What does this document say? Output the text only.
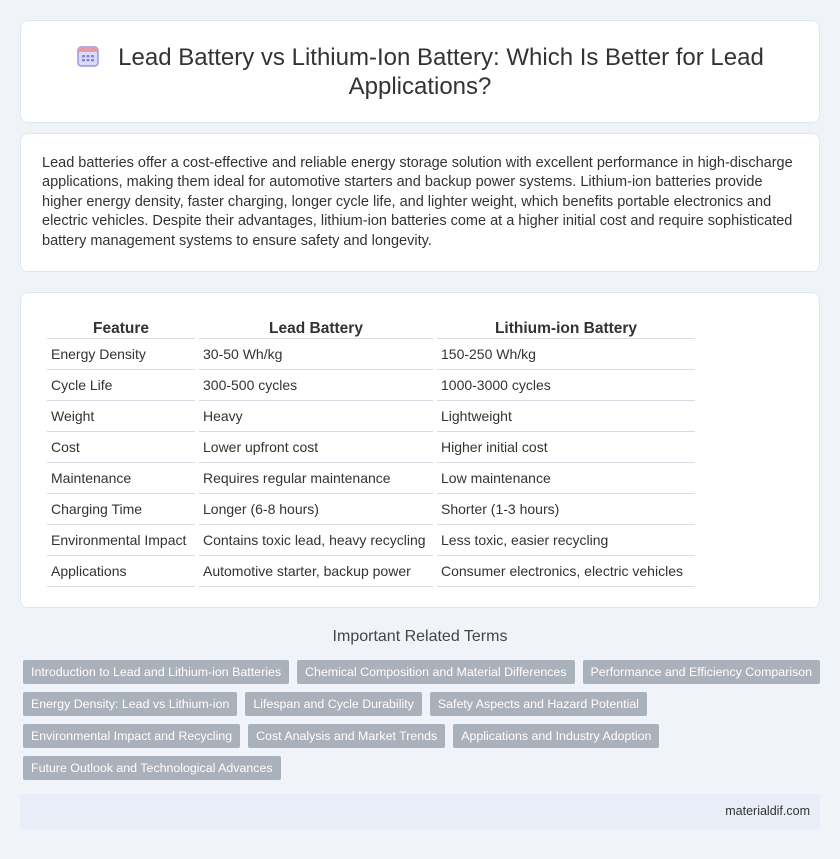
Lead Battery vs Lithium-Ion Battery: Which Is Better for Lead Applications?

Lead batteries offer a cost-effective and reliable energy storage solution with excellent performance in high-discharge applications, making them ideal for automotive starters and backup power systems. Lithium-ion batteries provide higher energy density, faster charging, longer cycle life, and lighter weight, which benefits portable electronics and electric vehicles. Despite their advantages, lithium-ion batteries come at a higher initial cost and require sophisticated battery management systems to ensure safety and longevity.

Feature	Lead Battery	Lithium-ion Battery
Energy Density	30-50 Wh/kg	150-250 Wh/kg
Cycle Life	300-500 cycles	1000-3000 cycles
Weight	Heavy	Lightweight
Cost	Lower upfront cost	Higher initial cost
Maintenance	Requires regular maintenance	Low maintenance
Charging Time	Longer (6-8 hours)	Shorter (1-3 hours)
Environmental Impact	Contains toxic lead, heavy recycling	Less toxic, easier recycling
Applications	Automotive starter, backup power	Consumer electronics, electric vehicles
Important Related Terms
Introduction to Lead and Lithium-ion Batteries	Chemical Composition and Material Differences	Performance and Efficiency Comparison
Energy Density: Lead vs Lithium-ion	Lifespan and Cycle Durability	Safety Aspects and Hazard Potential
Environmental Impact and Recycling	Cost Analysis and Market Trends	Applications and Industry Adoption
Future Outlook and Technological Advances
materialdif.com
